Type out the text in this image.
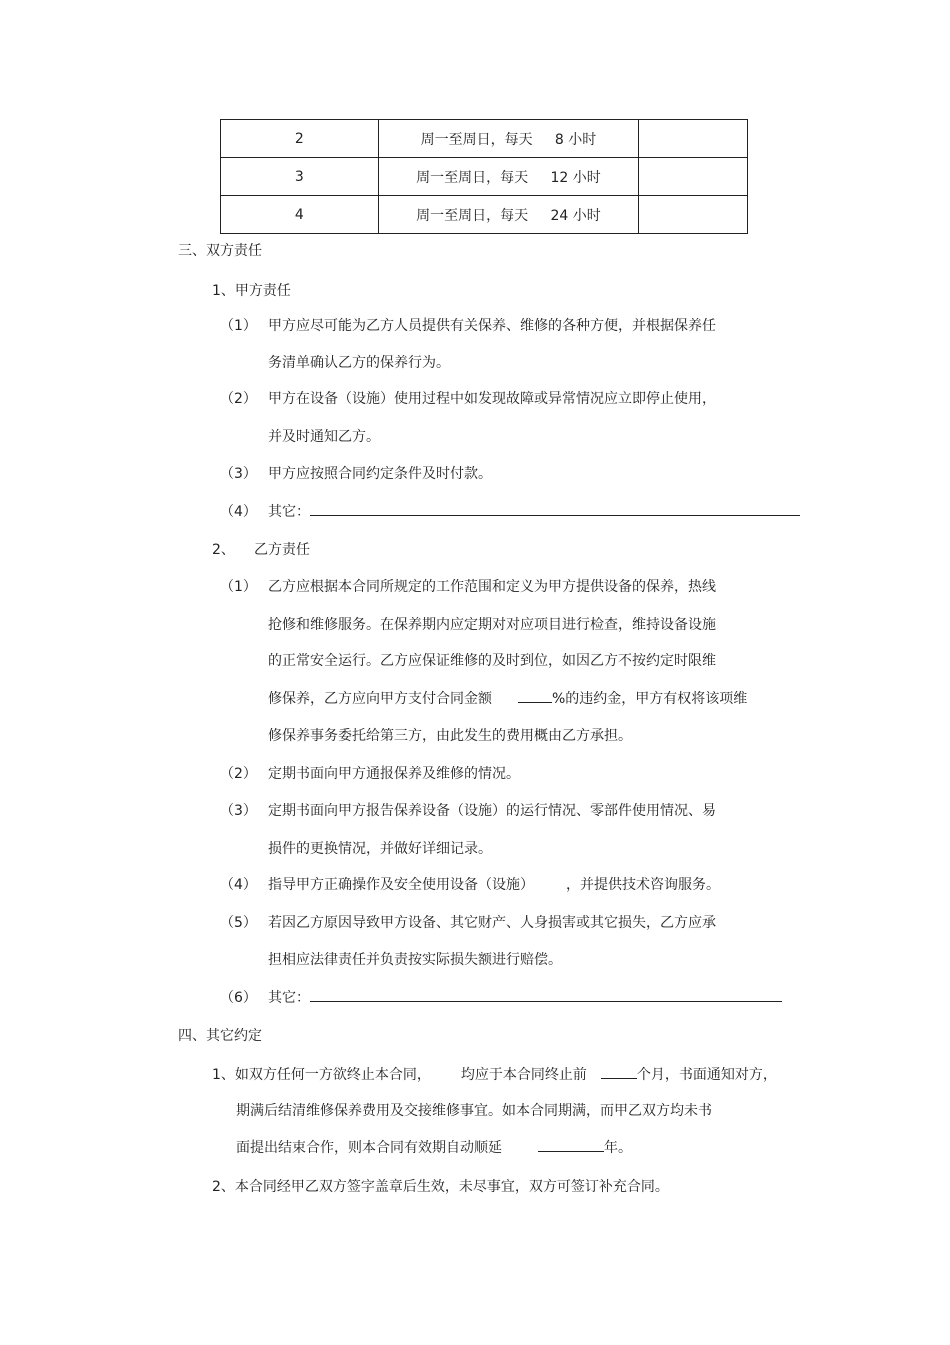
2	周一至周日，每天 8 小时	
3	周一至周日，每天 12 小时	
4	周一至周日，每天 24 小时	
三、双方责任
1、甲方责任
（1） 甲方应尽可能为乙方人员提供有关保养、维修的各种方便，并根据保养任
务清单确认乙方的保养行为。
（2） 甲方在设备（设施）使用过程中如发现故障或异常情况应立即停止使用，
并及时通知乙方。
（3） 甲方应按照合同约定条件及时付款。
（4） 其它：
2、 乙方责任
（1） 乙方应根据本合同所规定的工作范围和定义为甲方提供设备的保养，热线
抢修和维修服务。在保养期内应定期对对应项目进行检查，维持设备设施
的正常安全运行。乙方应保证维修的及时到位，如因乙方不按约定时限维
修保养，乙方应向甲方支付合同金额	%的违约金，甲方有权将该项维
修保养事务委托给第三方，由此发生的费用概由乙方承担。
（2） 定期书面向甲方通报保养及维修的情况。
（3） 定期书面向甲方报告保养设备（设施）的运行情况、零部件使用情况、易
损件的更换情况，并做好详细记录。
（4） 指导甲方正确操作及安全使用设备（设施） ，并提供技术咨询服务。
（5） 若因乙方原因导致甲方设备、其它财产、人身损害或其它损失，乙方应承
担相应法律责任并负责按实际损失额进行赔偿。
（6） 其它：
四、其它约定
1、如双方任何一方欲终止本合同， 均应于本合同终止前	个月，书面通知对方，
期满后结清维修保养费用及交接维修事宜。如本合同期满，而甲乙双方均未书
面提出结束合作，则本合同有效期自动顺延	年。
2、本合同经甲乙双方签字盖章后生效，未尽事宜，双方可签订补充合同。
